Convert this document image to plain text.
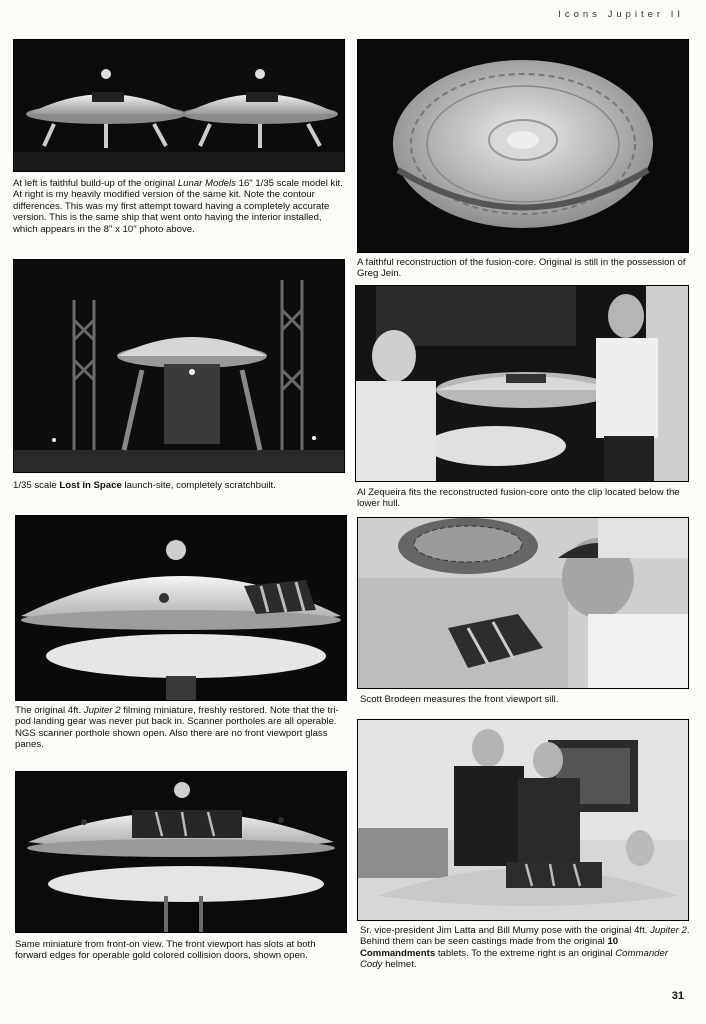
Icons Jupiter II
At left is faithful build-up of the original Lunar Models 16" 1/35 scale model kit. At right is my heavily modified version of the same kit. Note the contour differences. This was my first attempt toward having a completely accurate version. This is the same ship that went onto having the interior installed, which appears in the 8" x 10" photo above.
A faithful reconstruction of the fusion-core. Original is still in the possession of Greg Jein.
1/35 scale Lost in Space launch-site, completely scratchbuilt.
Al Zequeira fits the reconstructed fusion-core onto the clip located below the lower hull.
Scott Brodeen measures the front viewport sill.
The original 4ft. Jupiter 2 filming miniature, freshly restored. Note that the tri-pod landing gear was never put back in. Scanner portholes are all operable. NGS scanner porthole shown open. Also there are no front viewport glass panes.
Sr. vice-president Jim Latta and Bill Mumy pose with the original 4ft. Jupiter 2. Behind them can be seen castings made from the original 10 Commandments tablets. To the extreme right is an original Commander Cody helmet.
Same miniature from front-on view. The front viewport has slots at both forward edges for operable gold colored collision doors, shown open.
31
